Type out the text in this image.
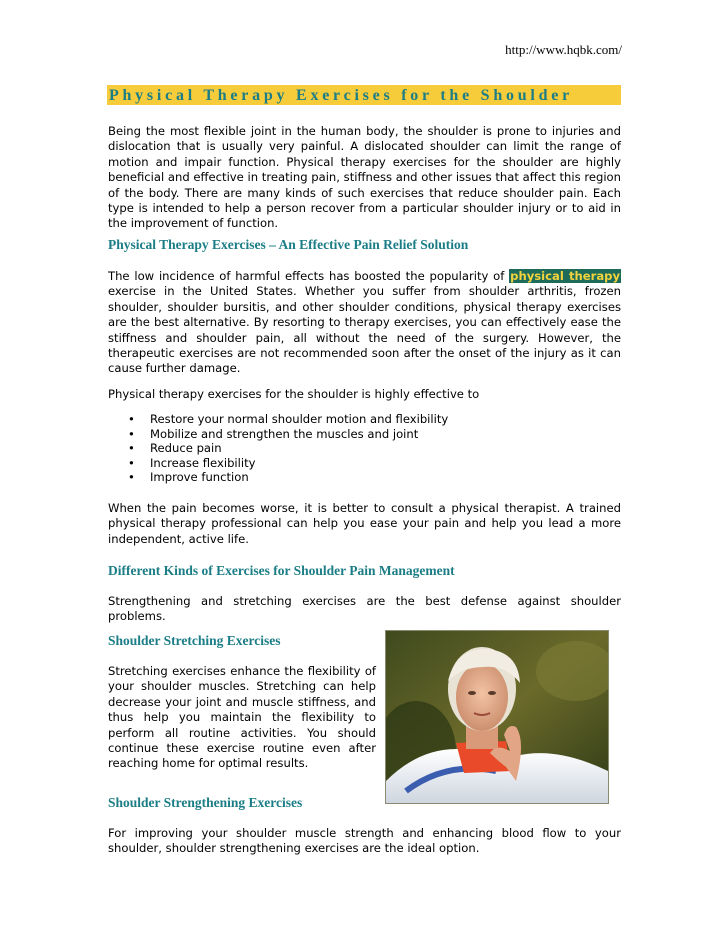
http://www.hqbk.com/
Physical Therapy Exercises for the Shoulder

Being the most flexible joint in the human body, the shoulder is prone to injuries and dislocation that is usually very painful. A dislocated shoulder can limit the range of motion and impair function. Physical therapy exercises for the shoulder are highly beneficial and effective in treating pain, stiffness and other issues that affect this region of the body. There are many kinds of such exercises that reduce shoulder pain. Each type is intended to help a person recover from a particular shoulder injury or to aid in the improvement of function.

Physical Therapy Exercises – An Effective Pain Relief Solution

The low incidence of harmful effects has boosted the popularity of physical therapy exercise in the United States. Whether you suffer from shoulder arthritis, frozen shoulder, shoulder bursitis, and other shoulder conditions, physical therapy exercises are the best alternative. By resorting to therapy exercises, you can effectively ease the stiffness and shoulder pain, all without the need of the surgery. However, the therapeutic exercises are not recommended soon after the onset of the injury as it can cause further damage.

Physical therapy exercises for the shoulder is highly effective to

• Restore your normal shoulder motion and flexibility
• Mobilize and strengthen the muscles and joint
• Reduce pain
• Increase flexibility
• Improve function

When the pain becomes worse, it is better to consult a physical therapist. A trained physical therapy professional can help you ease your pain and help you lead a more independent, active life.

Different Kinds of Exercises for Shoulder Pain Management

Strengthening and stretching exercises are the best defense against shoulder problems.

Shoulder Stretching Exercises

Stretching exercises enhance the flexibility of your shoulder muscles. Stretching can help decrease your joint and muscle stiffness, and thus help you maintain the flexibility to perform all routine activities. You should continue these exercise routine even after reaching home for optimal results.

Shoulder Strengthening Exercises

For improving your shoulder muscle strength and enhancing blood flow to your shoulder, shoulder strengthening exercises are the ideal option.
